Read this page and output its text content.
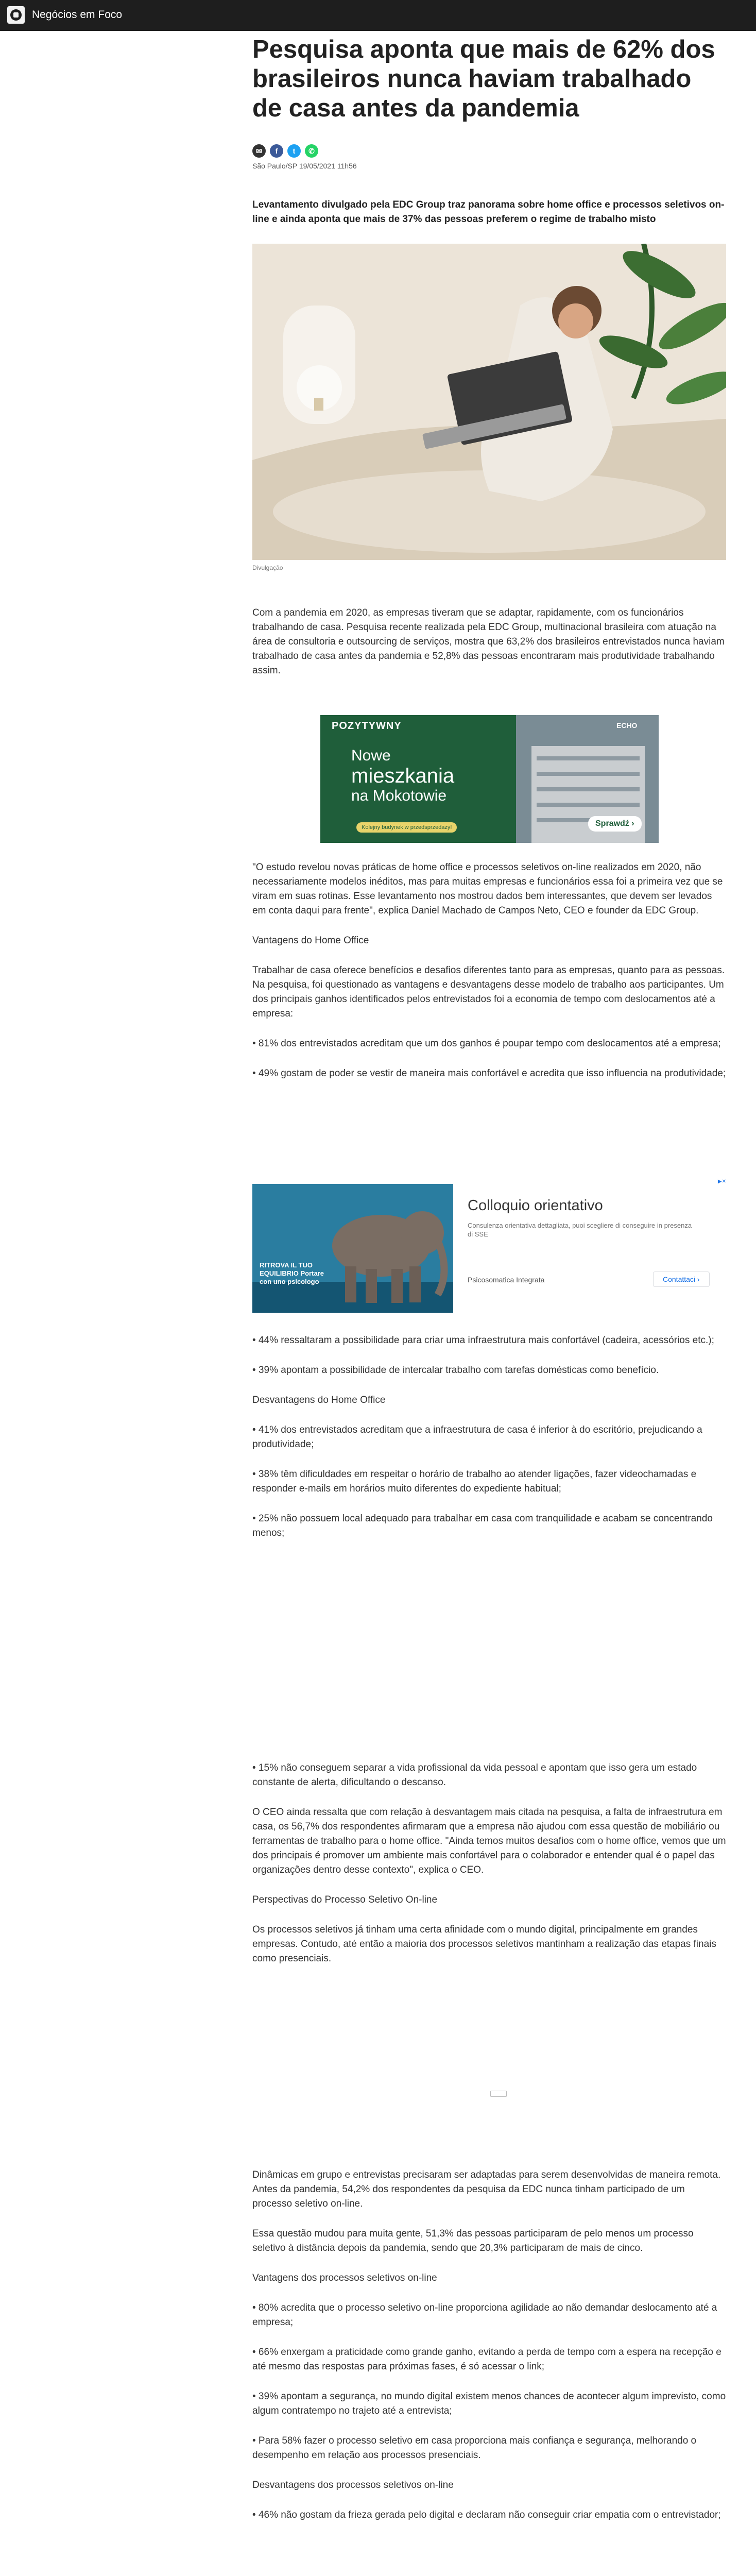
Negócios em Foco
Pesquisa aponta que mais de 62% dos brasileiros nunca haviam trabalhado de casa antes da pandemia
✉	f	t	✆
São Paulo/SP 19/05/2021 11h56

Levantamento divulgado pela EDC Group traz panorama sobre home office e processos seletivos on-line e ainda aponta que mais de 37% das pessoas preferem o regime de trabalho misto

Divulgação

Com a pandemia em 2020, as empresas tiveram que se adaptar, rapidamente, com os funcionários trabalhando de casa. Pesquisa recente realizada pela EDC Group, multinacional brasileira com atuação na área de consultoria e outsourcing de serviços, mostra que 63,2% dos brasileiros entrevistados nunca haviam trabalhado de casa antes da pandemia e 52,8% das pessoas encontraram mais produtividade trabalhando assim.

POZYTYWNY	ECHO
Nowe
mieszkania
na Mokotowie
Kolejny budynek w przedsprzedaży!	Sprawdź ›

"O estudo revelou novas práticas de home office e processos seletivos on-line realizados em 2020, não necessariamente modelos inéditos, mas para muitas empresas e funcionários essa foi a primeira vez que se viram em suas rotinas. Esse levantamento nos mostrou dados bem interessantes, que devem ser levados em conta daqui para frente", explica Daniel Machado de Campos Neto, CEO e founder da EDC Group.

Vantagens do Home Office

Trabalhar de casa oferece benefícios e desafios diferentes tanto para as empresas, quanto para as pessoas. Na pesquisa, foi questionado as vantagens e desvantagens desse modelo de trabalho aos participantes. Um dos principais ganhos identificados pelos entrevistados foi a economia de tempo com deslocamentos até a empresa:

• 81% dos entrevistados acreditam que um dos ganhos é poupar tempo com deslocamentos até a empresa;

• 49% gostam de poder se vestir de maneira mais confortável e acredita que isso influencia na produtividade;

▶✕
RITROVA IL TUO EQUILIBRIO Portare con uno psicologo
Colloquio orientativo
Consulenza orientativa dettagliata, puoi scegliere di conseguire in presenza di SSE
Psicosomatica Integrata	Contattaci ›

• 44% ressaltaram a possibilidade para criar uma infraestrutura mais confortável (cadeira, acessórios etc.);

• 39% apontam a possibilidade de intercalar trabalho com tarefas domésticas como benefício.

Desvantagens do Home Office

• 41% dos entrevistados acreditam que a infraestrutura de casa é inferior à do escritório, prejudicando a produtividade;

• 38% têm dificuldades em respeitar o horário de trabalho ao atender ligações, fazer videochamadas e responder e-mails em horários muito diferentes do expediente habitual;

• 25% não possuem local adequado para trabalhar em casa com tranquilidade e acabam se concentrando menos;

• 15% não conseguem separar a vida profissional da vida pessoal e apontam que isso gera um estado constante de alerta, dificultando o descanso.

O CEO ainda ressalta que com relação à desvantagem mais citada na pesquisa, a falta de infraestrutura em casa, os 56,7% dos respondentes afirmaram que a empresa não ajudou com essa questão de mobiliário ou ferramentas de trabalho para o home office. "Ainda temos muitos desafios com o home office, vemos que um dos principais é promover um ambiente mais confortável para o colaborador e entender qual é o papel das organizações dentro desse contexto", explica o CEO.

Perspectivas do Processo Seletivo On-line

Os processos seletivos já tinham uma certa afinidade com o mundo digital, principalmente em grandes empresas. Contudo, até então a maioria dos processos seletivos mantinham a realização das etapas finais como presenciais.

Dinâmicas em grupo e entrevistas precisaram ser adaptadas para serem desenvolvidas de maneira remota. Antes da pandemia, 54,2% dos respondentes da pesquisa da EDC nunca tinham participado de um processo seletivo on-line.

Essa questão mudou para muita gente, 51,3% das pessoas participaram de pelo menos um processo seletivo à distância depois da pandemia, sendo que 20,3% participaram de mais de cinco.

Vantagens dos processos seletivos on-line

• 80% acredita que o processo seletivo on-line proporciona agilidade ao não demandar deslocamento até a empresa;

• 66% enxergam a praticidade como grande ganho, evitando a perda de tempo com a espera na recepção e até mesmo das respostas para próximas fases, é só acessar o link;

• 39% apontam a segurança, no mundo digital existem menos chances de acontecer algum imprevisto, como algum contratempo no trajeto até a entrevista;

• Para 58% fazer o processo seletivo em casa proporciona mais confiança e segurança, melhorando o desempenho em relação aos processos presenciais.

Desvantagens dos processos seletivos on-line

• 46% não gostam da frieza gerada pelo digital e declaram não conseguir criar empatia com o entrevistador;
